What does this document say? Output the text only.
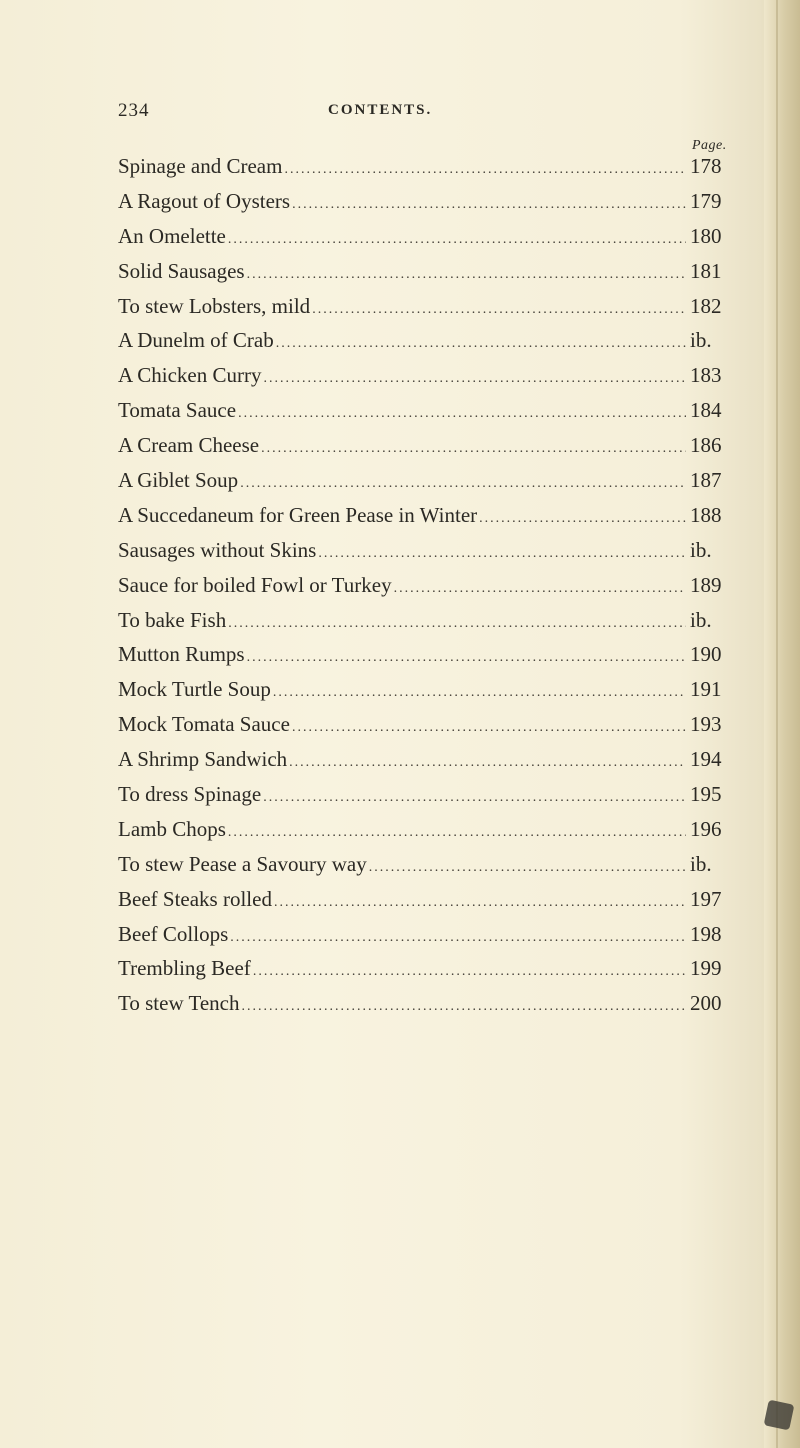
234	CONTENTS.
Page.
Spinage and Cream .....	178
A Ragout of Oysters .....	179
An Omelette .....	180
Solid Sausages .....	181
To stew Lobsters, mild .....	182
A Dunelm of Crab .....	ib.
A Chicken Curry .....	183
Tomata Sauce .....	184
A Cream Cheese .....	186
A Giblet Soup .....	187
A Succedaneum for Green Pease in Winter .....	188
Sausages without Skins .....	ib.
Sauce for boiled Fowl or Turkey .....	189
To bake Fish .....	ib.
Mutton Rumps .....	190
Mock Turtle Soup .....	191
Mock Tomata Sauce .....	193
A Shrimp Sandwich .....	194
To dress Spinage .....	195
Lamb Chops .....	196
To stew Pease a Savoury way .....	ib.
Beef Steaks rolled .....	197
Beef Collops .....	198
Trembling Beef .....	199
To stew Tench .....	200
